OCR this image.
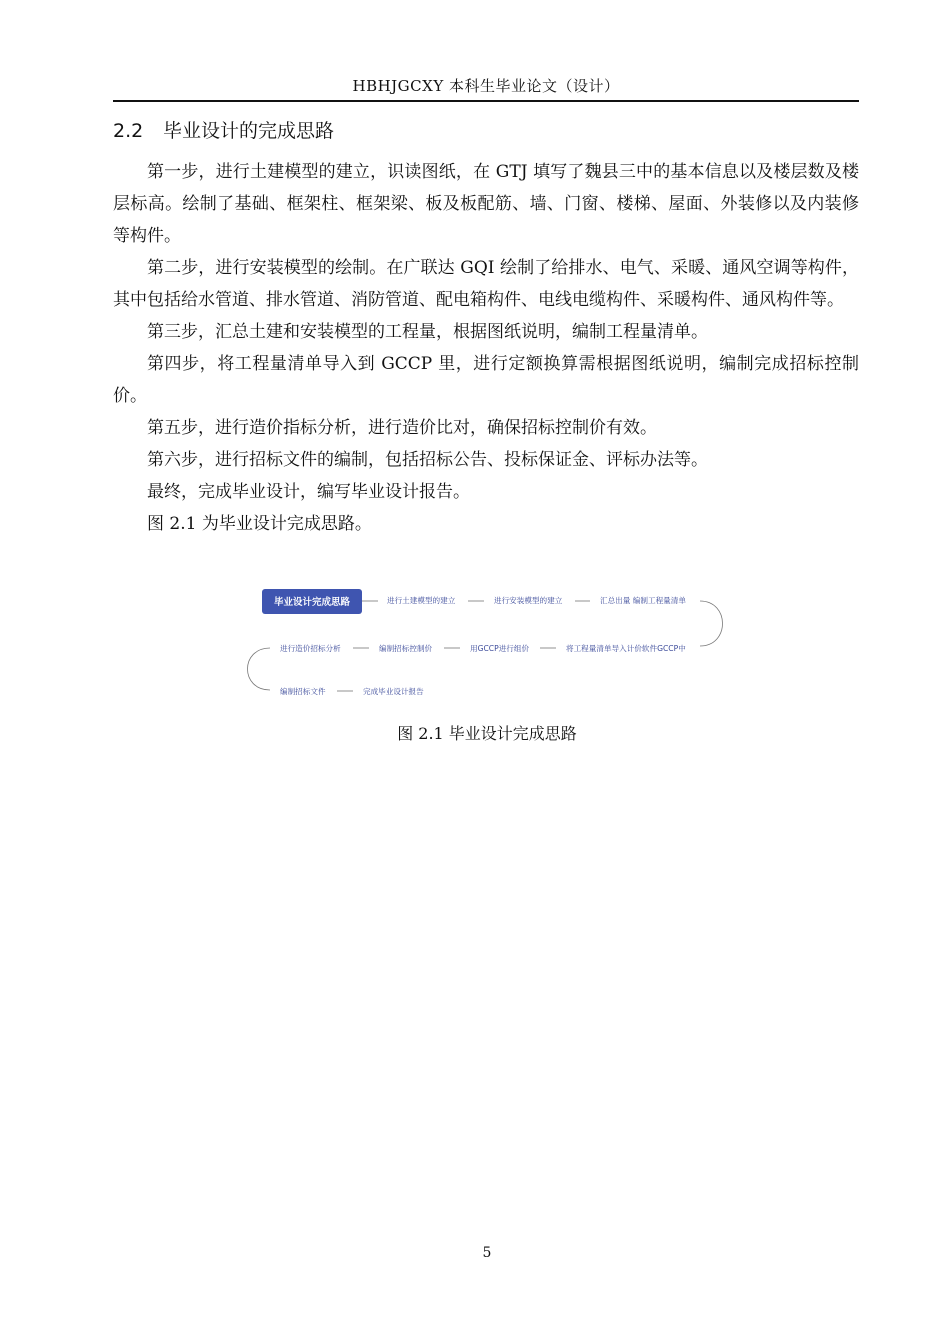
HBHJGCXY 本科生毕业论文（设计）
2.2 毕业设计的完成思路

第一步，进行土建模型的建立，识读图纸，在 GTJ 填写了魏县三中的基本信息以及楼层数及楼层标高。绘制了基础、框架柱、框架梁、板及板配筋、墙、门窗、楼梯、屋面、外装修以及内装修等构件。

第二步，进行安装模型的绘制。在广联达 GQI 绘制了给排水、电气、采暖、通风空调等构件，其中包括给水管道、排水管道、消防管道、配电箱构件、电线电缆构件、采暖构件、通风构件等。

第三步，汇总土建和安装模型的工程量，根据图纸说明，编制工程量清单。

第四步，将工程量清单导入到 GCCP 里，进行定额换算需根据图纸说明，编制完成招标控制价。

第五步，进行造价指标分析，进行造价比对，确保招标控制价有效。

第六步，进行招标文件的编制，包括招标公告、投标保证金、评标办法等。

最终，完成毕业设计，编写毕业设计报告。

图 2.1 为毕业设计完成思路。

毕业设计完成思路	进行土建模型的建立	进行安装模型的建立	汇总出量 编制工程量清单
进行造价招标分析	编制招标控制价	用GCCP进行组价	将工程量清单导入计价软件GCCP中
编制招标文件	完成毕业设计报告
图 2.1 毕业设计完成思路
5
